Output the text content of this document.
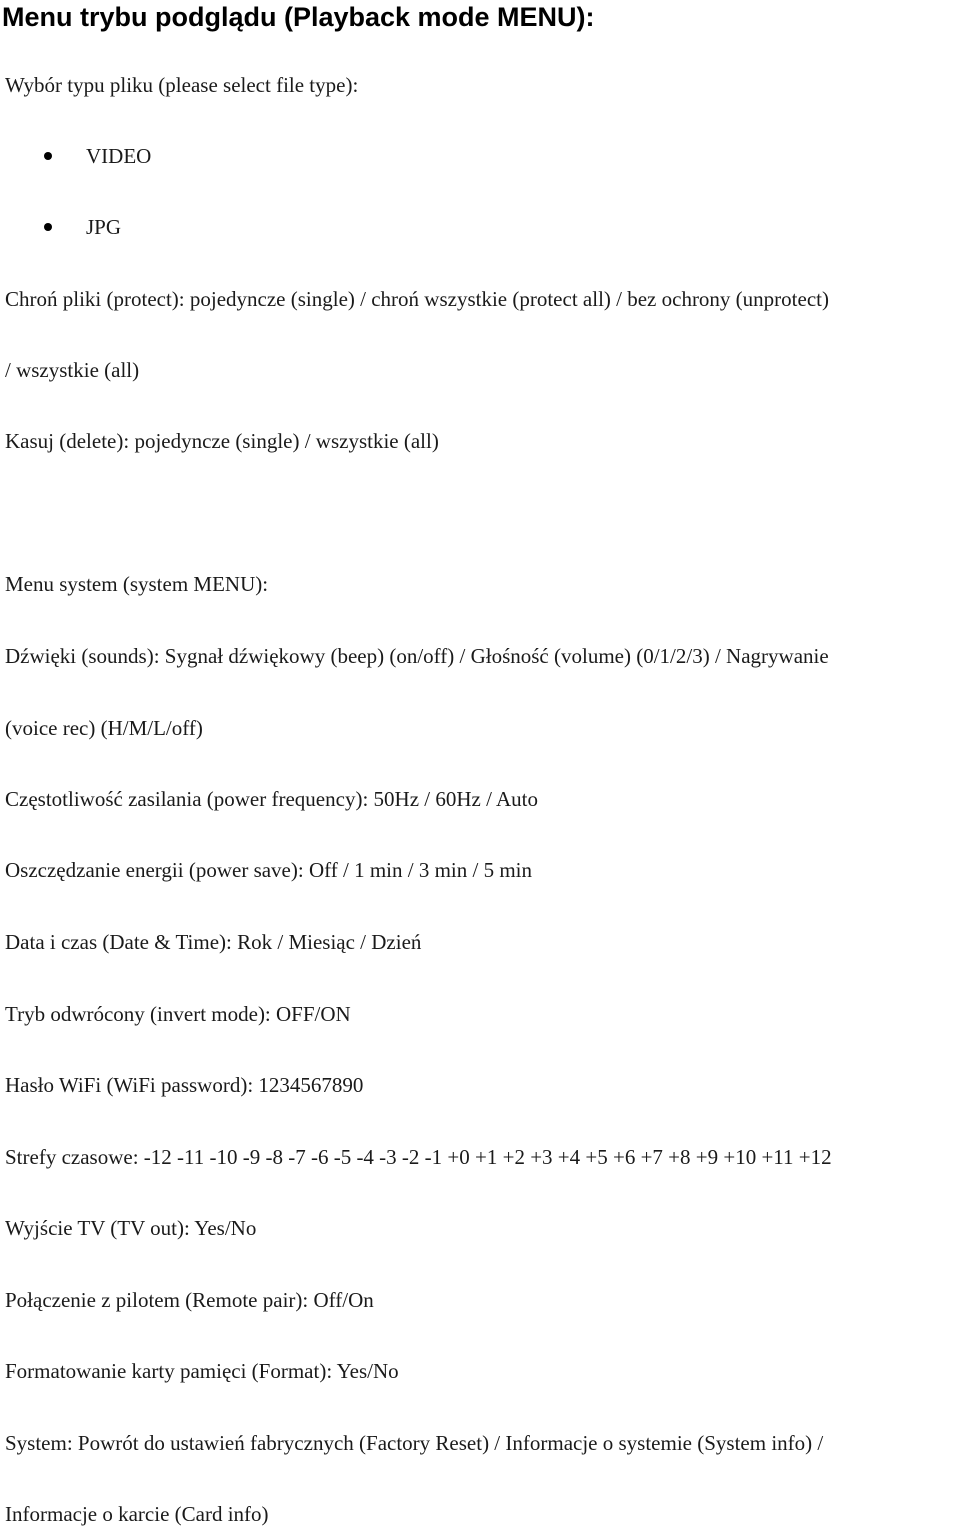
Menu trybu podglądu (Playback mode MENU):
Wybór typu pliku (please select file type):
VIDEO
JPG
Chroń pliki (protect): pojedyncze (single) / chroń wszystkie (protect all) / bez ochrony (unprotect)
/ wszystkie (all)
Kasuj (delete): pojedyncze (single) / wszystkie (all)
Menu system (system MENU):
Dźwięki (sounds): Sygnał dźwiękowy (beep) (on/off) / Głośność (volume) (0/1/2/3) / Nagrywanie
(voice rec) (H/M/L/off)
Częstotliwość zasilania (power frequency): 50Hz / 60Hz / Auto
Oszczędzanie energii (power save): Off / 1 min / 3 min / 5 min
Data i czas (Date & Time): Rok / Miesiąc / Dzień
Tryb odwrócony (invert mode): OFF/ON
Hasło WiFi (WiFi password): 1234567890
Strefy czasowe: -12 -11 -10 -9 -8 -7 -6 -5 -4 -3 -2 -1 +0 +1 +2 +3 +4 +5 +6 +7 +8 +9 +10 +11 +12
Wyjście TV (TV out): Yes/No
Połączenie z pilotem (Remote pair): Off/On
Formatowanie karty pamięci (Format): Yes/No
System: Powrót do ustawień fabrycznych (Factory Reset) / Informacje o systemie (System info) /
Informacje o karcie (Card info)
